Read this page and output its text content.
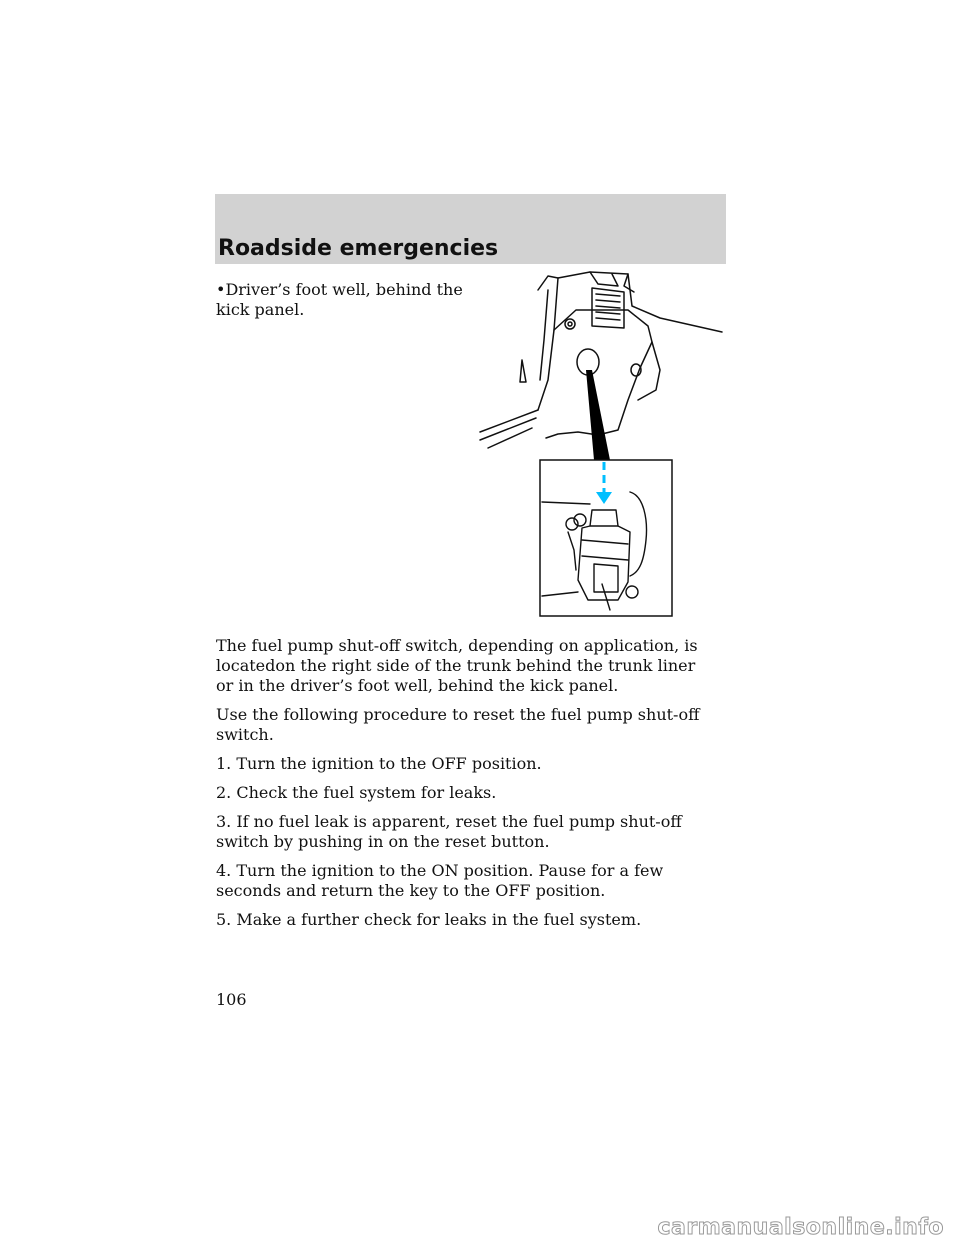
Roadside emergencies

•Driver’s foot well, behind the kick panel.

The fuel pump shut-off switch, depending on application, is locatedon the right side of the trunk behind the trunk liner or in the driver’s foot well, behind the kick panel.

Use the following procedure to reset the fuel pump shut-off switch.

1. Turn the ignition to the OFF position.

2. Check the fuel system for leaks.

3. If no fuel leak is apparent, reset the fuel pump shut-off switch by pushing in on the reset button.

4. Turn the ignition to the ON position. Pause for a few seconds and return the key to the OFF position.

5. Make a further check for leaks in the fuel system.

106

carmanualsonline.info
